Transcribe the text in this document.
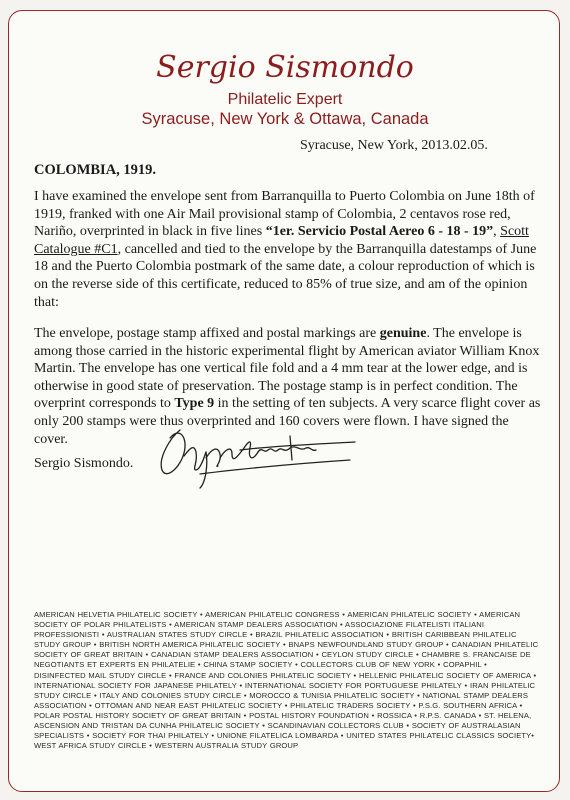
Sergio Sismondo
Philatelic Expert
Syracuse, New York & Ottawa, Canada
Syracuse, New York, 2013.02.05.
COLOMBIA, 1919.

I have examined the envelope sent from Barranquilla to Puerto Colombia on June 18th of 1919, franked with one Air Mail provisional stamp of Colombia, 2 centavos rose red, Nariño, overprinted in black in five lines “1er. Servicio Postal Aereo 6 - 18 - 19”, Scott Catalogue #C1, cancelled and tied to the envelope by the Barranquilla datestamps of June 18 and the Puerto Colombia postmark of the same date, a colour reproduction of which is on the reverse side of this certificate, reduced to 85% of true size, and am of the opinion that:

The envelope, postage stamp affixed and postal markings are genuine. The envelope is among those carried in the historic experimental flight by American aviator William Knox Martin. The envelope has one vertical file fold and a 4 mm tear at the lower edge, and is otherwise in good state of preservation. The postage stamp is in perfect condition. The overprint corresponds to Type 9 in the setting of ten subjects. A very scarce flight cover as only 200 stamps were thus overprinted and 160 covers were flown. I have signed the cover.

Sergio Sismondo.
AMERICAN HELVETIA PHILATELIC SOCIETY • AMERICAN PHILATELIC CONGRESS • AMERICAN PHILATELIC SOCIETY • AMERICAN SOCIETY OF POLAR PHILATELISTS • AMERICAN STAMP DEALERS ASSOCIATION • ASSOCIAZIONE FILATELISTI ITALIANI PROFESSIONISTI • AUSTRALIAN STATES STUDY CIRCLE • BRAZIL PHILATELIC ASSOCIATION • BRITISH CARIBBEAN PHILATELIC STUDY GROUP • BRITISH NORTH AMERICA PHILATELIC SOCIETY • BNAPS NEWFOUNDLAND STUDY GROUP • CANADIAN PHILATELIC SOCIETY OF GREAT BRITAIN • CANADIAN STAMP DEALERS ASSOCIATION • CEYLON STUDY CIRCLE • CHAMBRE S. FRANCAISE DE NEGOTIANTS ET EXPERTS EN PHILATELIE • CHINA STAMP SOCIETY • COLLECTORS CLUB OF NEW YORK • COPAPHIL • DISINFECTED MAIL STUDY CIRCLE • FRANCE AND COLONIES PHILATELIC SOCIETY • HELLENIC PHILATELIC SOCIETY OF AMERICA • INTERNATIONAL SOCIETY FOR JAPANESE PHILATELY • INTERNATIONAL SOCIETY FOR PORTUGUESE PHILATELY • IRAN PHILATELIC STUDY CIRCLE • ITALY AND COLONIES STUDY CIRCLE • MOROCCO & TUNISIA PHILATELIC SOCIETY • NATIONAL STAMP DEALERS ASSOCIATION • OTTOMAN AND NEAR EAST PHILATELIC SOCIETY • PHILATELIC TRADERS SOCIETY • P.S.G. SOUTHERN AFRICA • POLAR POSTAL HISTORY SOCIETY OF GREAT BRITAIN • POSTAL HISTORY FOUNDATION • ROSSICA • R.P.S. CANADA • ST. HELENA, ASCENSION AND TRISTAN DA CUNHA PHILATELIC SOCIETY • SCANDINAVIAN COLLECTORS CLUB • SOCIETY OF AUSTRALASIAN SPECIALISTS • SOCIETY FOR THAI PHILATELY • UNIONE FILATELICA LOMBARDA • UNITED STATES PHILATELIC CLASSICS SOCIETY• WEST AFRICA STUDY CIRCLE • WESTERN AUSTRALIA STUDY GROUP
